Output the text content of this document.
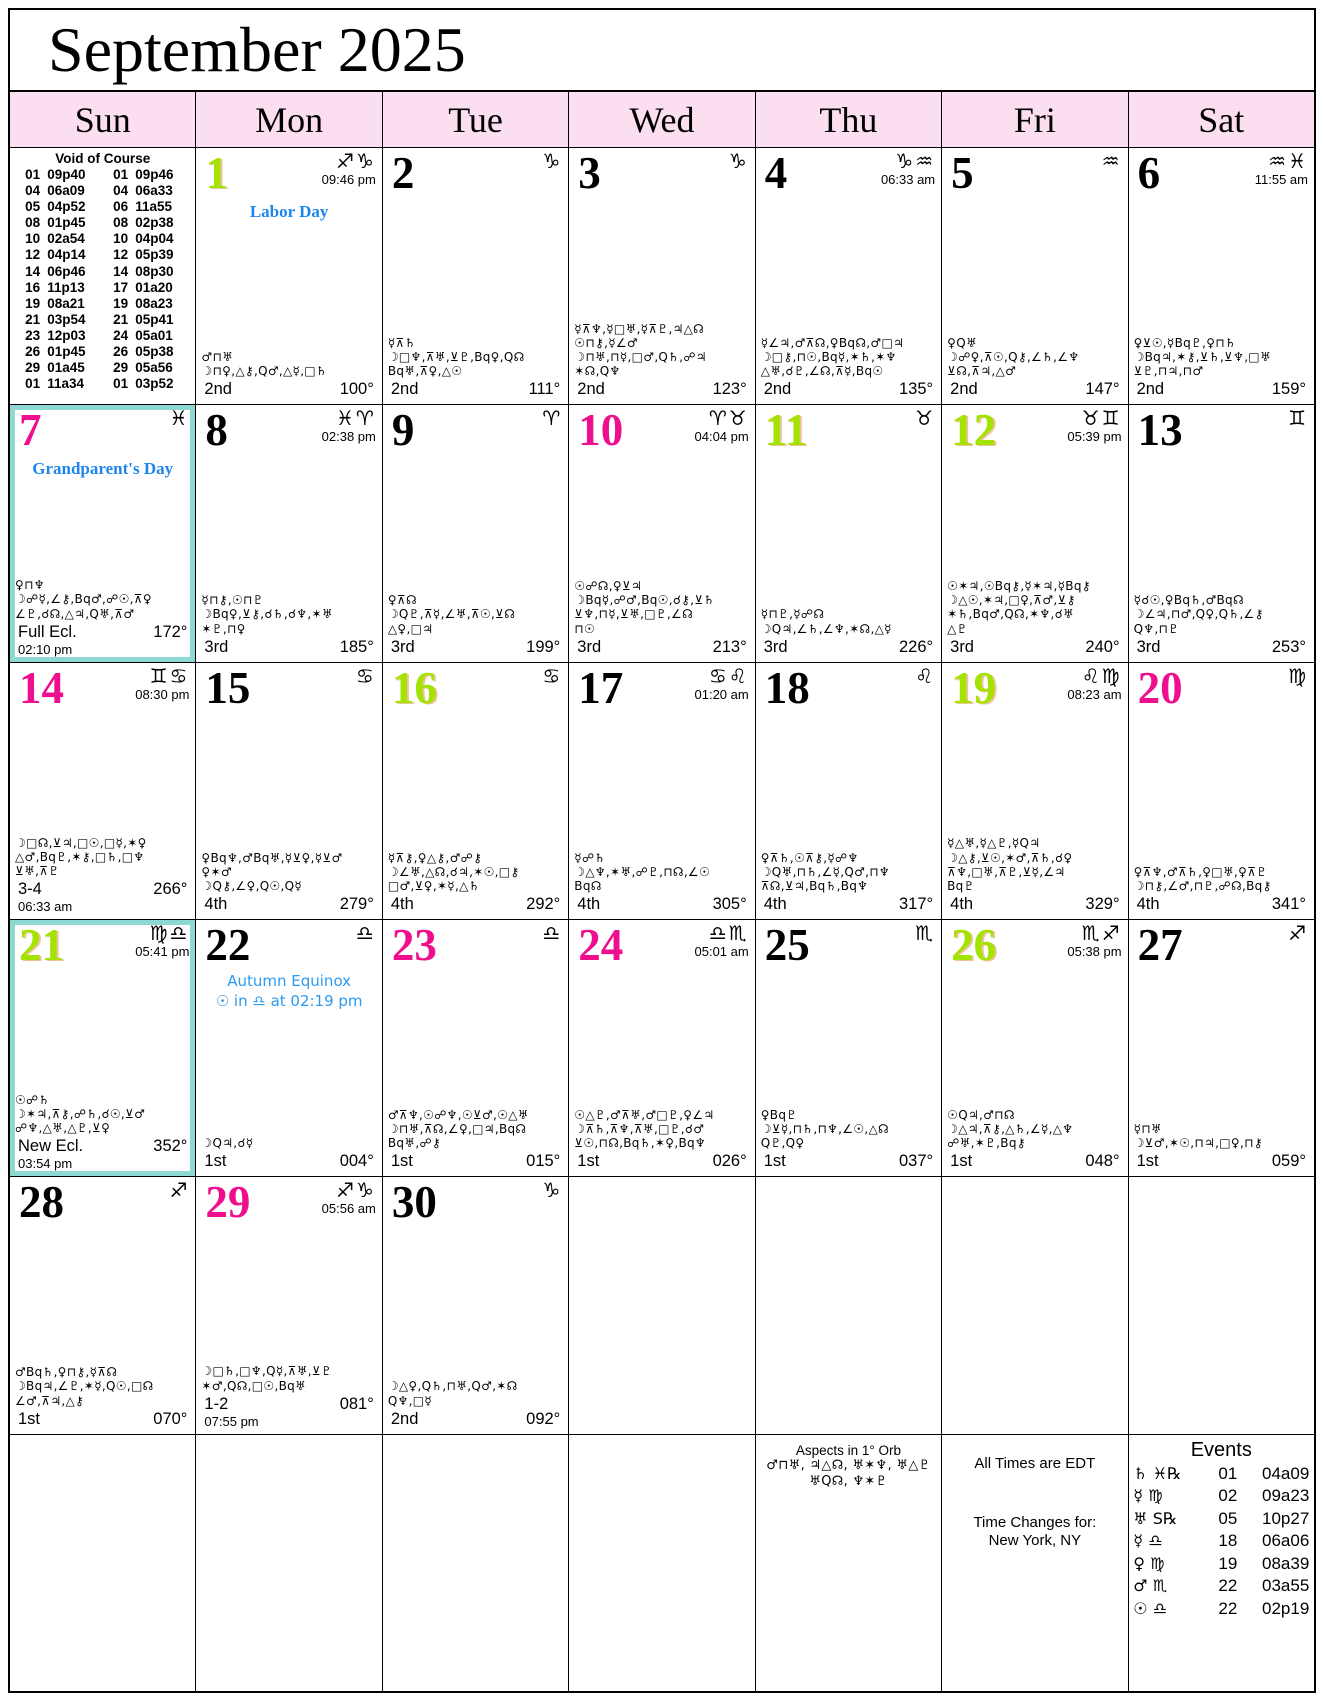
September 2025
Sun	Mon	Tue	Wed	Thu	Fri	Sat
Void of Course
01 09p40	01 09p46
04 06a09	04 06a33
05 04p52	06 11a55
08 01p45	08 02p38
10 02a54	10 04p04
12 04p14	12 05p39
14 06p46	14 08p30
16 11p13	17 01a20
19 08a21	19 08a23
21 03p54	21 05p41
23 12p03	24 05a01
26 01p45	26 05p38
29 01a45	29 05a56
01 11a34	01 03p52
1	♐♑
09:46 pm
Labor Day
♂⊓♅
☽⊓♀,△⚷,Q♂,△☿,□♄
2nd	100°
2	♑
☿⊼♄
☽□♆,⊼♅,⊻♇,Bq♀,Q☊
Bq♅,⊼♀,△☉
2nd	111°
3	♑
☿⊼♆,☿□♅,☿⊼♇,♃△☊
☉⊓⚷,☿∠♂
☽⊓♅,⊓☿,□♂,Q♄,☍♃
✶☊,Q♆
2nd	123°
4	♑♒
06:33 am
☿∠♃,♂⊼☊,♀Bq☊,♂□♃
☽□⚷,⊓☉,Bq☿,✶♄,✶♆
△♅,☌♇,∠☊,⊼☿,Bq☉
2nd	135°
5	♒
♀Q♅
☽☍♀,⊼☉,Q⚷,∠♄,∠♆
⊻☊,⊼♃,△♂
2nd	147°
6	♒♓
11:55 am
♀⊻☉,☿Bq♇,♀⊓♄
☽Bq♃,✶⚷,⊻♄,⊻♆,□♅
⊻♇,⊓♃,⊓♂
2nd	159°
7	♓
Grandparent's Day
♀⊓♆
☽☍☿,∠⚷,Bq♂,☍☉,⊼♀
∠♇,☌☊,△♃,Q♅,⊼♂
Full Ecl.	172°
02:10 pm
8	♓♈
02:38 pm
☿⊓⚷,☉⊓♇
☽Bq♀,⊻⚷,☌♄,☌♆,✶♅
✶♇,⊓♀
3rd	185°
9	♈
♀⊼☊
☽Q♇,⊼☿,∠♅,⊼☉,⊻☊
△♀,□♃
3rd	199°
10	♈♉
04:04 pm
☉☍☊,♀⊻♃
☽Bq☿,☍♂,Bq☉,☌⚷,⊻♄
⊻♆,⊓☿,⊻♅,□♇,∠☊
⊓☉
3rd	213°
11	♉
☿⊓♇,☿☍☊
☽Q♃,∠♄,∠♆,✶☊,△☿
3rd	226°
12	♉♊
05:39 pm
☉✶♃,☉Bq⚷,☿✶♃,☿Bq⚷
☽△☉,✶♃,□♀,⊼♂,⊻⚷
✶♄,Bq♂,Q☊,✶♆,☌♅
△♇
3rd	240°
13	♊
☿☌☉,♀Bq♄,♂Bq☊
☽∠♃,⊓♂,Q♀,Q♄,∠⚷
Q♆,⊓♇
3rd	253°
14	♊♋
08:30 pm
☽□☊,⊻♃,□☉,□☿,✶♀
△♂,Bq♇,✶⚷,□♄,□♆
⊻♅,⊼♇
3-4	266°
06:33 am
15	♋
♀Bq♆,♂Bq♅,☿⊻♀,☿⊻♂
♀✶♂
☽Q⚷,∠♀,Q☉,Q☿
4th	279°
16	♋
☿⊼⚷,♀△⚷,♂☍⚷
☽∠♅,△☊,☌♃,✶☉,□⚷
□♂,⊻♀,✶☿,△♄
4th	292°
17	♋♌
01:20 am
☿☍♄
☽△♆,✶♅,☍♇,⊓☊,∠☉
Bq☊
4th	305°
18	♌
♀⊼♄,☉⊼⚷,☿☍♆
☽Q♅,⊓♄,∠☿,Q♂,⊓♆
⊼☊,⊻♃,Bq♄,Bq♆
4th	317°
19	♌♍
08:23 am
☿△♅,☿△♇,☿Q♃
☽△⚷,⊻☉,✶♂,⊼♄,☌♀
⊼♆,□♅,⊼♇,⊻☿,∠♃
Bq♇
4th	329°
20	♍
♀⊼♆,♂⊼♄,♀□♅,♀⊼♇
☽⊓⚷,∠♂,⊓♇,☍☊,Bq⚷
4th	341°
21	♍♎
05:41 pm
☉☍♄
☽✶♃,⊼⚷,☍♄,☌☉,⊻♂
☍♆,△♅,△♇,⊻♀
New Ecl.	352°
03:54 pm
22	♎
Autumn Equinox
☉ in ♎ at 02:19 pm
☽Q♃,☌☿
1st	004°
23	♎
♂⊼♆,☉☍♆,☉⊻♂,☉△♅
☽⊓♅,⊼☊,∠♀,□♃,Bq☊
Bq♅,☍⚷
1st	015°
24	♎♏
05:01 am
☉△♇,♂⊼♅,♂□♇,♀∠♃
☽⊼♄,⊼♆,⊼♅,□♇,☌♂
⊻☉,⊓☊,Bq♄,✶♀,Bq♆
1st	026°
25	♏
♀Bq♇
☽⊻☿,⊓♄,⊓♆,∠☉,△☊
Q♇,Q♀
1st	037°
26	♏♐
05:38 pm
☉Q♃,♂⊓☊
☽△♃,⊼⚷,△♄,∠☿,△♆
☍♅,✶♇,Bq⚷
1st	048°
27	♐
☿⊓♅
☽⊻♂,✶☉,⊓♃,□♀,⊓⚷
1st	059°
28	♐
♂Bq♄,♀⊓⚷,☿⊼☊
☽Bq♃,∠♇,✶☿,Q☉,□☊
∠♂,⊼♃,△⚷
1st	070°
29	♐♑
05:56 am
☽□♄,□♆,Q☿,⊼♅,⊻♇
✶♂,Q☊,□☉,Bq♅
1-2	081°
07:55 pm
30	♑
☽△♀,Q♄,⊓♅,Q♂,✶☊
Q♆,□☿
2nd	092°
Aspects in 1° Orb
♂⊓♅, ♃△☊, ♅✶♆, ♅△♇
♅Q☊, ♆✶♇
All Times are EDT
Time Changes for:
New York, NY
Events
♄ ♓℞	01	04a09
☿ ♍	02	09a23
♅ S℞	05	10p27
☿ ♎	18	06a06
♀ ♍	19	08a39
♂ ♏	22	03a55
☉ ♎	22	02p19
